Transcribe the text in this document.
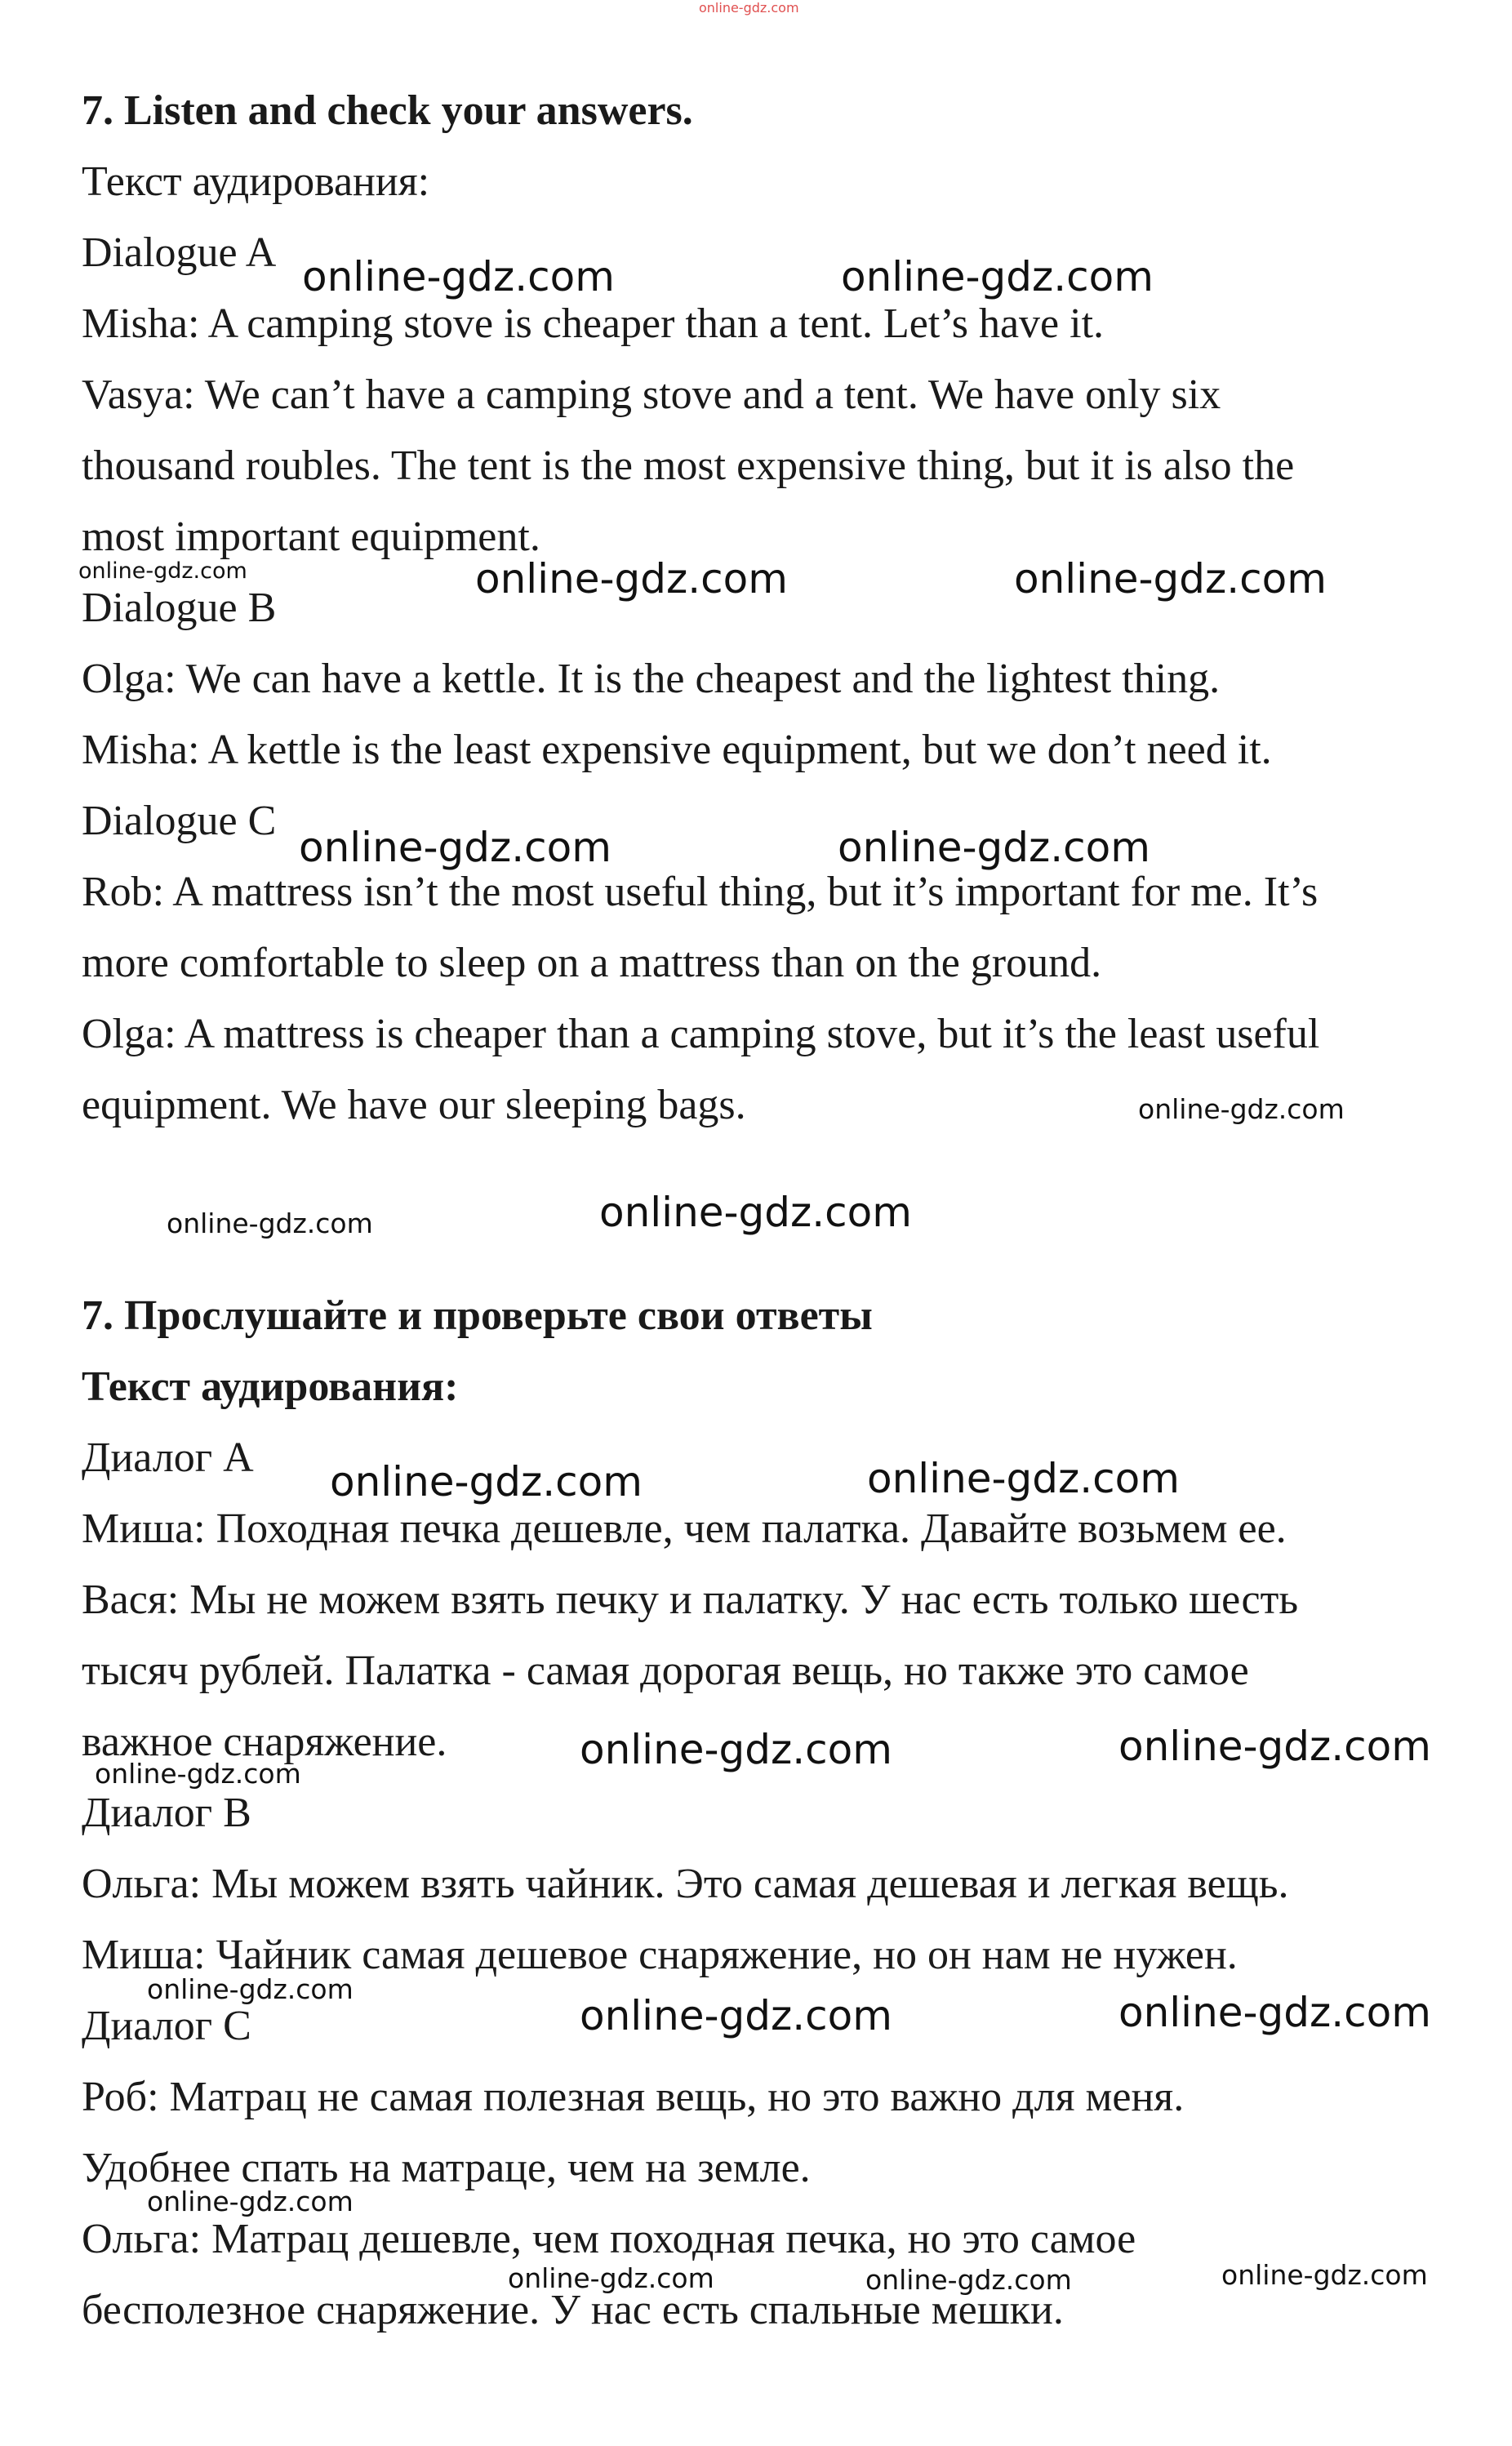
online-gdz.com
7. Listen and check your answers.
Текст аудирования:
Dialogue A
Misha: A camping stove is cheaper than a tent. Let’s have it.
Vasya: We can’t have a camping stove and a tent. We have only six
thousand roubles. The tent is the most expensive thing, but it is also the
most important equipment.
Dialogue B
Olga: We can have a kettle. It is the cheapest and the lightest thing.
Misha: A kettle is the least expensive equipment, but we don’t need it.
Dialogue C
Rob: A mattress isn’t the most useful thing, but it’s important for me. It’s
more comfortable to sleep on a mattress than on the ground.
Olga: A mattress is cheaper than a camping stove, but it’s the least useful
equipment. We have our sleeping bags.
7. Прослушайте и проверьте свои ответы
Текст аудирования:
Диалог А
Миша: Походная печка дешевле, чем палатка. Давайте возьмем ее.
Вася: Мы не можем взять печку и палатку. У нас есть только шесть
тысяч рублей. Палатка - самая дорогая вещь, но также это самое
важное снаряжение.
Диалог В
Ольга: Мы можем взять чайник. Это самая дешевая и легкая вещь.
Миша: Чайник самая дешевое снаряжение, но он нам не нужен.
Диалог С
Роб: Матрац не самая полезная вещь, но это важно для меня.
Удобнее спать на матраце, чем на земле.
Ольга: Матрац дешевле, чем походная печка, но это самое
бесполезное снаряжение. У нас есть спальные мешки.
online-gdz.com	online-gdz.com
online-gdz.com	online-gdz.com	online-gdz.com
online-gdz.com	online-gdz.com
online-gdz.com
online-gdz.com	online-gdz.com
online-gdz.com	online-gdz.com
online-gdz.com	online-gdz.com
online-gdz.com
online-gdz.com
online-gdz.com	online-gdz.com
online-gdz.com
online-gdz.com	online-gdz.com	online-gdz.com
